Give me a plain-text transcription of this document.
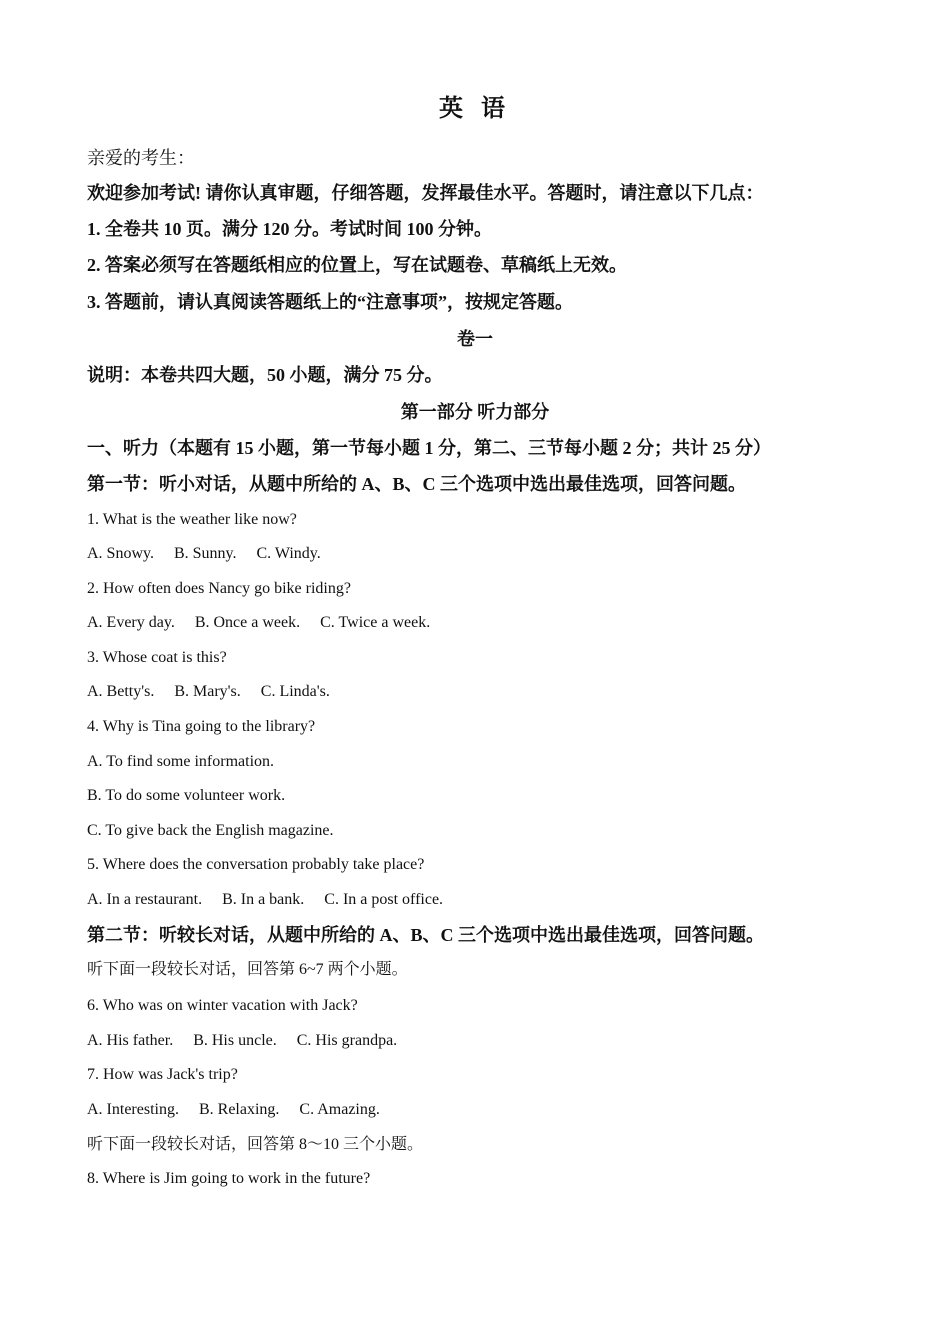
英 语
亲爱的考生：
欢迎参加考试! 请你认真审题，仔细答题，发挥最佳水平。答题时，请注意以下几点：
1. 全卷共 10 页。满分 120 分。考试时间 100 分钟。
2. 答案必须写在答题纸相应的位置上，写在试题卷、草稿纸上无效。
3. 答题前，请认真阅读答题纸上的“注意事项”，按规定答题。
卷一
说明：本卷共四大题，50 小题，满分 75 分。
第一部分 听力部分
一、听力（本题有 15 小题，第一节每小题 1 分，第二、三节每小题 2 分；共计 25 分）
第一节：听小对话，从题中所给的 A、B、C 三个选项中选出最佳选项，回答问题。
1. What is the weather like now?
A. Snowy. B. Sunny. C. Windy.
2. How often does Nancy go bike riding?
A. Every day. B. Once a week. C. Twice a week.
3. Whose coat is this?
A. Betty's. B. Mary's. C. Linda's.
4. Why is Tina going to the library?
A. To find some information.
B. To do some volunteer work.
C. To give back the English magazine.
5. Where does the conversation probably take place?
A. In a restaurant. B. In a bank. C. In a post office.
第二节：听较长对话，从题中所给的 A、B、C 三个选项中选出最佳选项，回答问题。
听下面一段较长对话，回答第 6~7 两个小题。
6. Who was on winter vacation with Jack?
A. His father. B. His uncle. C. His grandpa.
7. How was Jack's trip?
A. Interesting. B. Relaxing. C. Amazing.
听下面一段较长对话，回答第 8～10 三个小题。
8. Where is Jim going to work in the future?
